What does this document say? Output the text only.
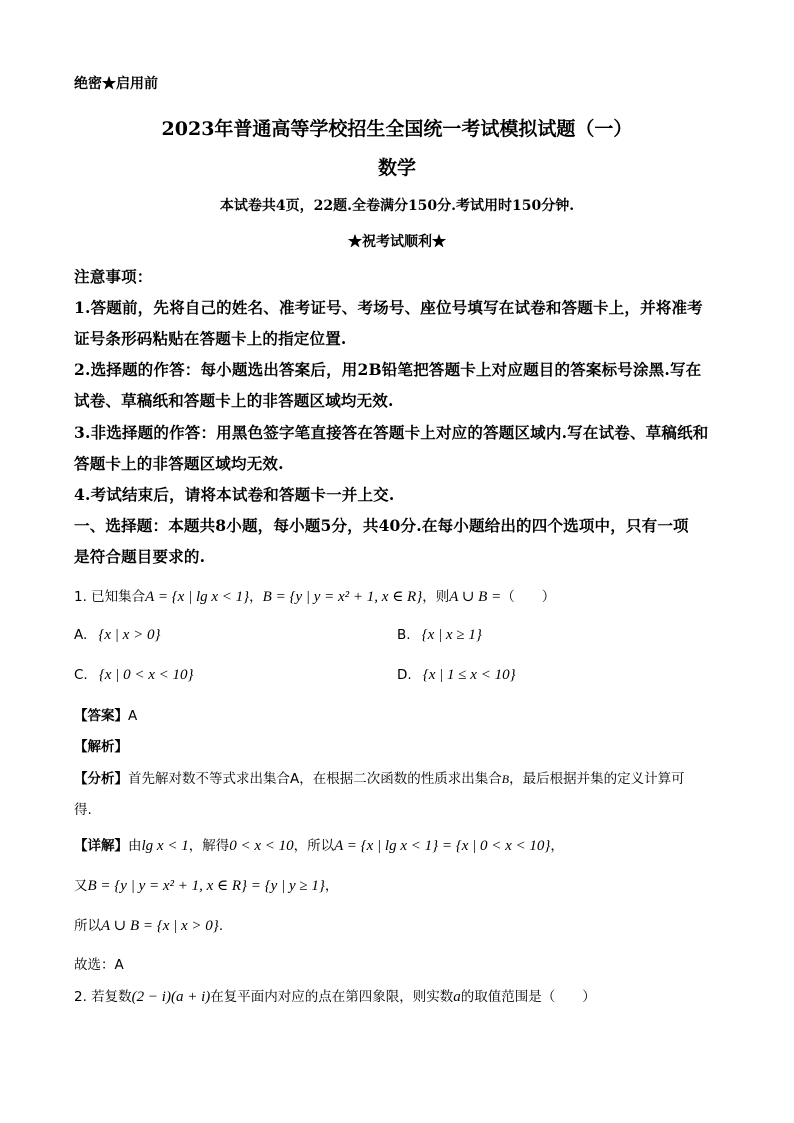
绝密★启用前
2023年普通高等学校招生全国统一考试模拟试题（一）
数学
本试卷共4页，22题.全卷满分150分.考试用时150分钟.
★祝考试顺利★
注意事项：
1.答题前，先将自己的姓名、准考证号、考场号、座位号填写在试卷和答题卡上，并将准考
证号条形码粘贴在答题卡上的指定位置.
2.选择题的作答：每小题选出答案后，用2B铅笔把答题卡上对应题目的答案标号涂黑.写在
试卷、草稿纸和答题卡上的非答题区域均无效.
3.非选择题的作答：用黑色签字笔直接答在答题卡上对应的答题区域内.写在试卷、草稿纸和
答题卡上的非答题区域均无效.
4.考试结束后，请将本试卷和答题卡一并上交.
一、选择题：本题共8小题，每小题5分，共40分.在每小题给出的四个选项中，只有一项
是符合题目要求的.
1. 已知集合A = {x | lg x < 1}，B = {y | y = x² + 1, x ∈ R}，则A ∪ B =（　　）
A. {x | x > 0}	B. {x | x ≥ 1}
C. {x | 0 < x < 10}	D. {x | 1 ≤ x < 10}
【答案】A
【解析】
【分析】首先解对数不等式求出集合A，在根据二次函数的性质求出集合B，最后根据并集的定义计算可
得.
【详解】由lg x < 1，解得0 < x < 10，所以A = {x | lg x < 1} = {x | 0 < x < 10}，
又B = {y | y = x² + 1, x ∈ R} = {y | y ≥ 1}，
所以A ∪ B = {x | x > 0}.
故选：A
2. 若复数(2 − i)(a + i)在复平面内对应的点在第四象限，则实数a的取值范围是（　　）
